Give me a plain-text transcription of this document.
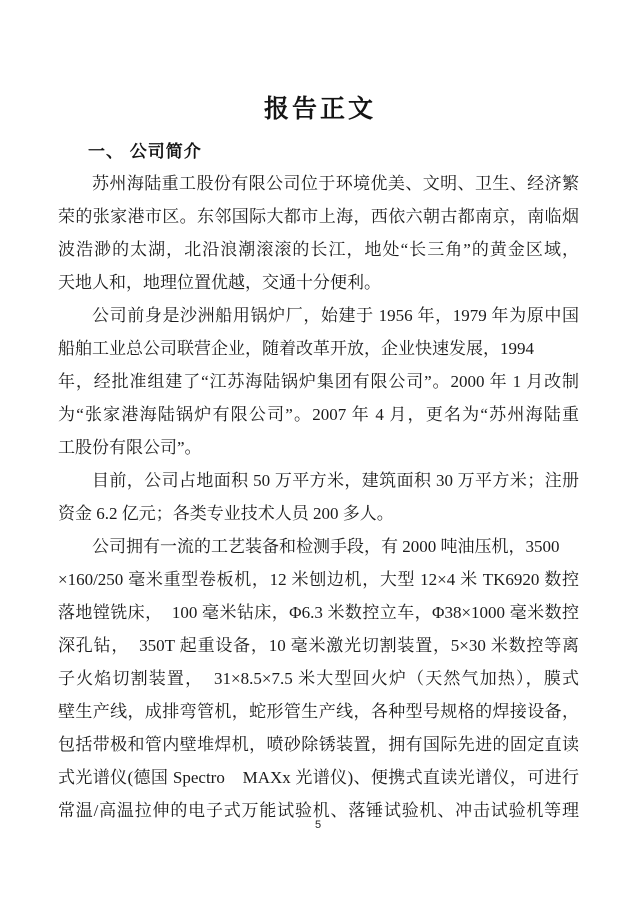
报告正文
一、 公司简介
苏州海陆重工股份有限公司位于环境优美、文明、卫生、经济繁
荣的张家港市区。东邻国际大都市上海，西依六朝古都南京，南临烟
波浩渺的太湖，北沿浪潮滚滚的长江，地处“长三角”的黄金区域，
天地人和，地理位置优越，交通十分便利。
公司前身是沙洲船用锅炉厂，始建于 1956 年，1979 年为原中国
船舶工业总公司联营企业，随着改革开放，企业快速发展，1994
年，经批准组建了“江苏海陆锅炉集团有限公司”。2000 年 1 月改制
为“张家港海陆锅炉有限公司”。2007 年 4 月，更名为“苏州海陆重
工股份有限公司”。
目前，公司占地面积 50 万平方米，建筑面积 30 万平方米；注册
资金 6.2 亿元；各类专业技术人员 200 多人。
公司拥有一流的工艺装备和检测手段，有 2000 吨油压机，3500
×160/250 毫米重型卷板机，12 米刨边机，大型 12×4 米 TK6920 数控
落地镗铣床，  100 毫米钻床，Φ6.3 米数控立车，Φ38×1000 毫米数控
深孔钻，  350T 起重设备，10 毫米激光切割装置，5×30 米数控等离
子火焰切割装置，  31×8.5×7.5 米大型回火炉（天然气加热），膜式
壁生产线，成排弯管机，蛇形管生产线，各种型号规格的焊接设备，
包括带极和管内壁堆焊机，喷砂除锈装置，拥有国际先进的固定直读
式光谱仪(德国 Spectro　MAXx 光谱仪)、便携式直读光谱仪，可进行
常温/高温拉伸的电子式万能试验机、落锤试验机、冲击试验机等理
5
